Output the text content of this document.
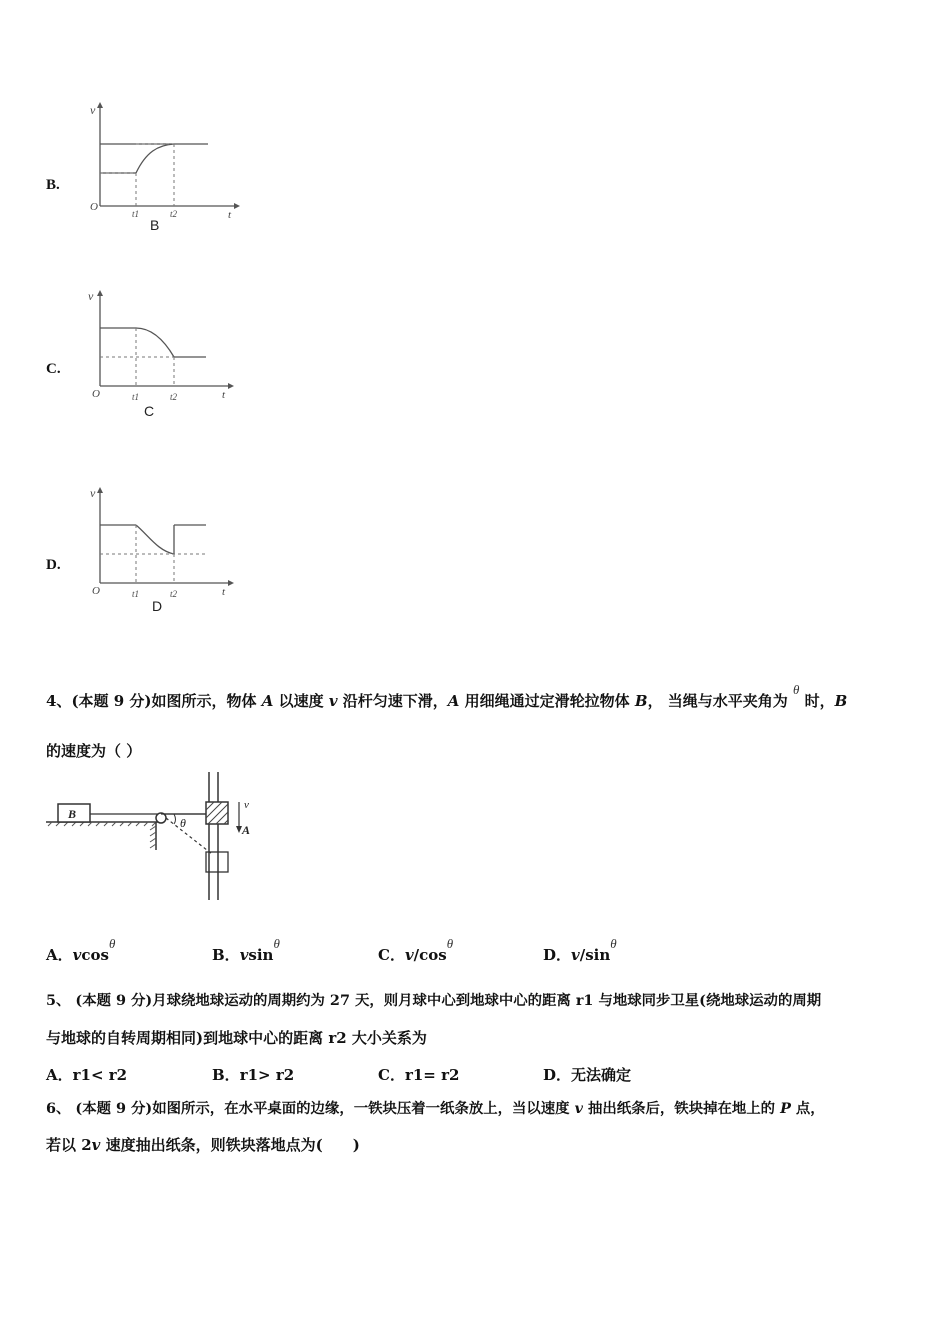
B.
v
t
O
t1	t2
B
C.
v
t
O	t1	t2
C
D.
v
t
O	t1	t2
D
4、(本题 9 分)如图所示，物体 A 以速度 v 沿杆匀速下滑，A 用细绳通过定滑轮拉物体 B， 当绳与水平夹角为 θ 时，B
的速度为（ ）
B
θ
v
A
A．vcosθ
B．vsinθ
C．v/cosθ
D．v/sinθ
5、 (本题 9 分)月球绕地球运动的周期约为 27 天，则月球中心到地球中心的距离 r1 与地球同步卫星(绕地球运动的周期
与地球的自转周期相同)到地球中心的距离 r2 大小关系为
A．r1< r2	B．r1> r2	C．r1= r2	D．无法确定
6、 (本题 9 分)如图所示，在水平桌面的边缘，一铁块压着一纸条放上，当以速度 v 抽出纸条后，铁块掉在地上的 P 点，
若以 2v 速度抽出纸条，则铁块落地点为(　　)
